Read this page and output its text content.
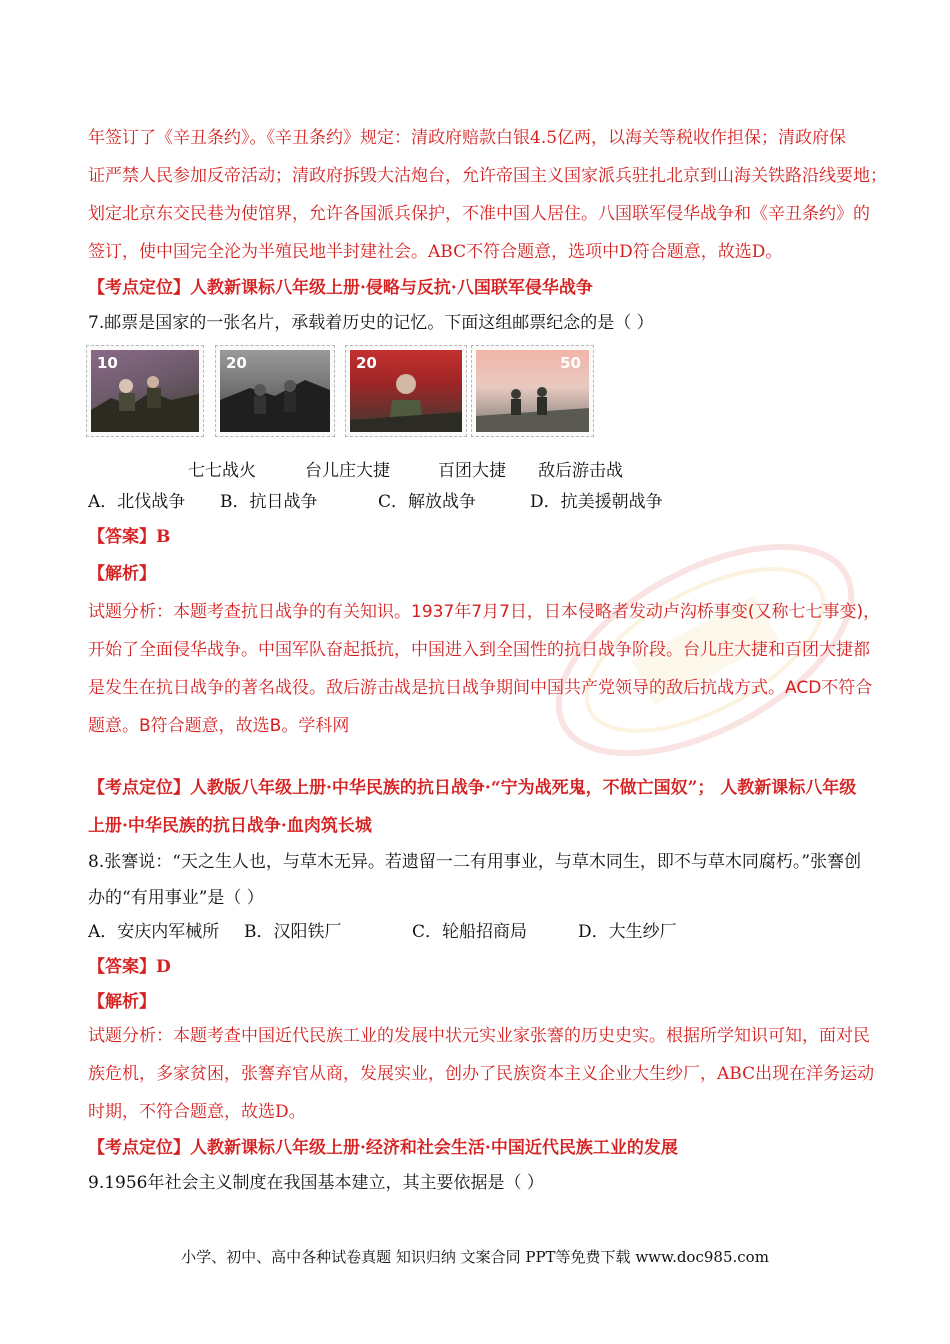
年签订了《辛丑条约》。《辛丑条约》规定：清政府赔款白银4.5亿两，以海关等税收作担保；清政府保
证严禁人民参加反帝活动；清政府拆毁大沽炮台，允许帝国主义国家派兵驻扎北京到山海关铁路沿线要地；
划定北京东交民巷为使馆界，允许各国派兵保护，不准中国人居住。八国联军侵华战争和《辛丑条约》的
签订，使中国完全沦为半殖民地半封建社会。ABC不符合题意，选项中D符合题意，故选D。
【考点定位】人教新课标八年级上册·侵略与反抗·八国联军侵华战争
7.邮票是国家的一张名片，承载着历史的记忆。下面这组邮票纪念的是（ ）
10	20	20	50
七七战火	台儿庄大捷	百团大捷 敌后游击战
A．北伐战争 B．抗日战争	C．解放战争	D．抗美援朝战争
【答案】B
【解析】
试题分析：本题考查抗日战争的有关知识。1937年7月7日，日本侵略者发动卢沟桥事变(又称七七事变)，
开始了全面侵华战争。中国军队奋起抵抗，中国进入到全国性的抗日战争阶段。台儿庄大捷和百团大捷都
是发生在抗日战争的著名战役。敌后游击战是抗日战争期间中国共产党领导的敌后抗战方式。ACD不符合
题意。B符合题意，故选B。学科网
【考点定位】人教版八年级上册·中华民族的抗日战争·“宁为战死鬼，不做亡国奴”； 人教新课标八年级
上册·中华民族的抗日战争·血肉筑长城
8.张謇说：“天之生人也，与草木无异。若遗留一二有用事业，与草木同生，即不与草木同腐朽。”张謇创
办的“有用事业”是（ ）
A．安庆内军械所 B．汉阳铁厂	C．轮船招商局	D．大生纱厂
【答案】D
【解析】
试题分析：本题考查中国近代民族工业的发展中状元实业家张謇的历史史实。根据所学知识可知，面对民
族危机，多家贫困，张謇弃官从商，发展实业，创办了民族资本主义企业大生纱厂，ABC出现在洋务运动
时期，不符合题意，故选D。
【考点定位】人教新课标八年级上册·经济和社会生活·中国近代民族工业的发展
9.1956年社会主义制度在我国基本建立，其主要依据是（ ）
小学、初中、高中各种试卷真题 知识归纳 文案合同 PPT等免费下载 www.doc985.com
